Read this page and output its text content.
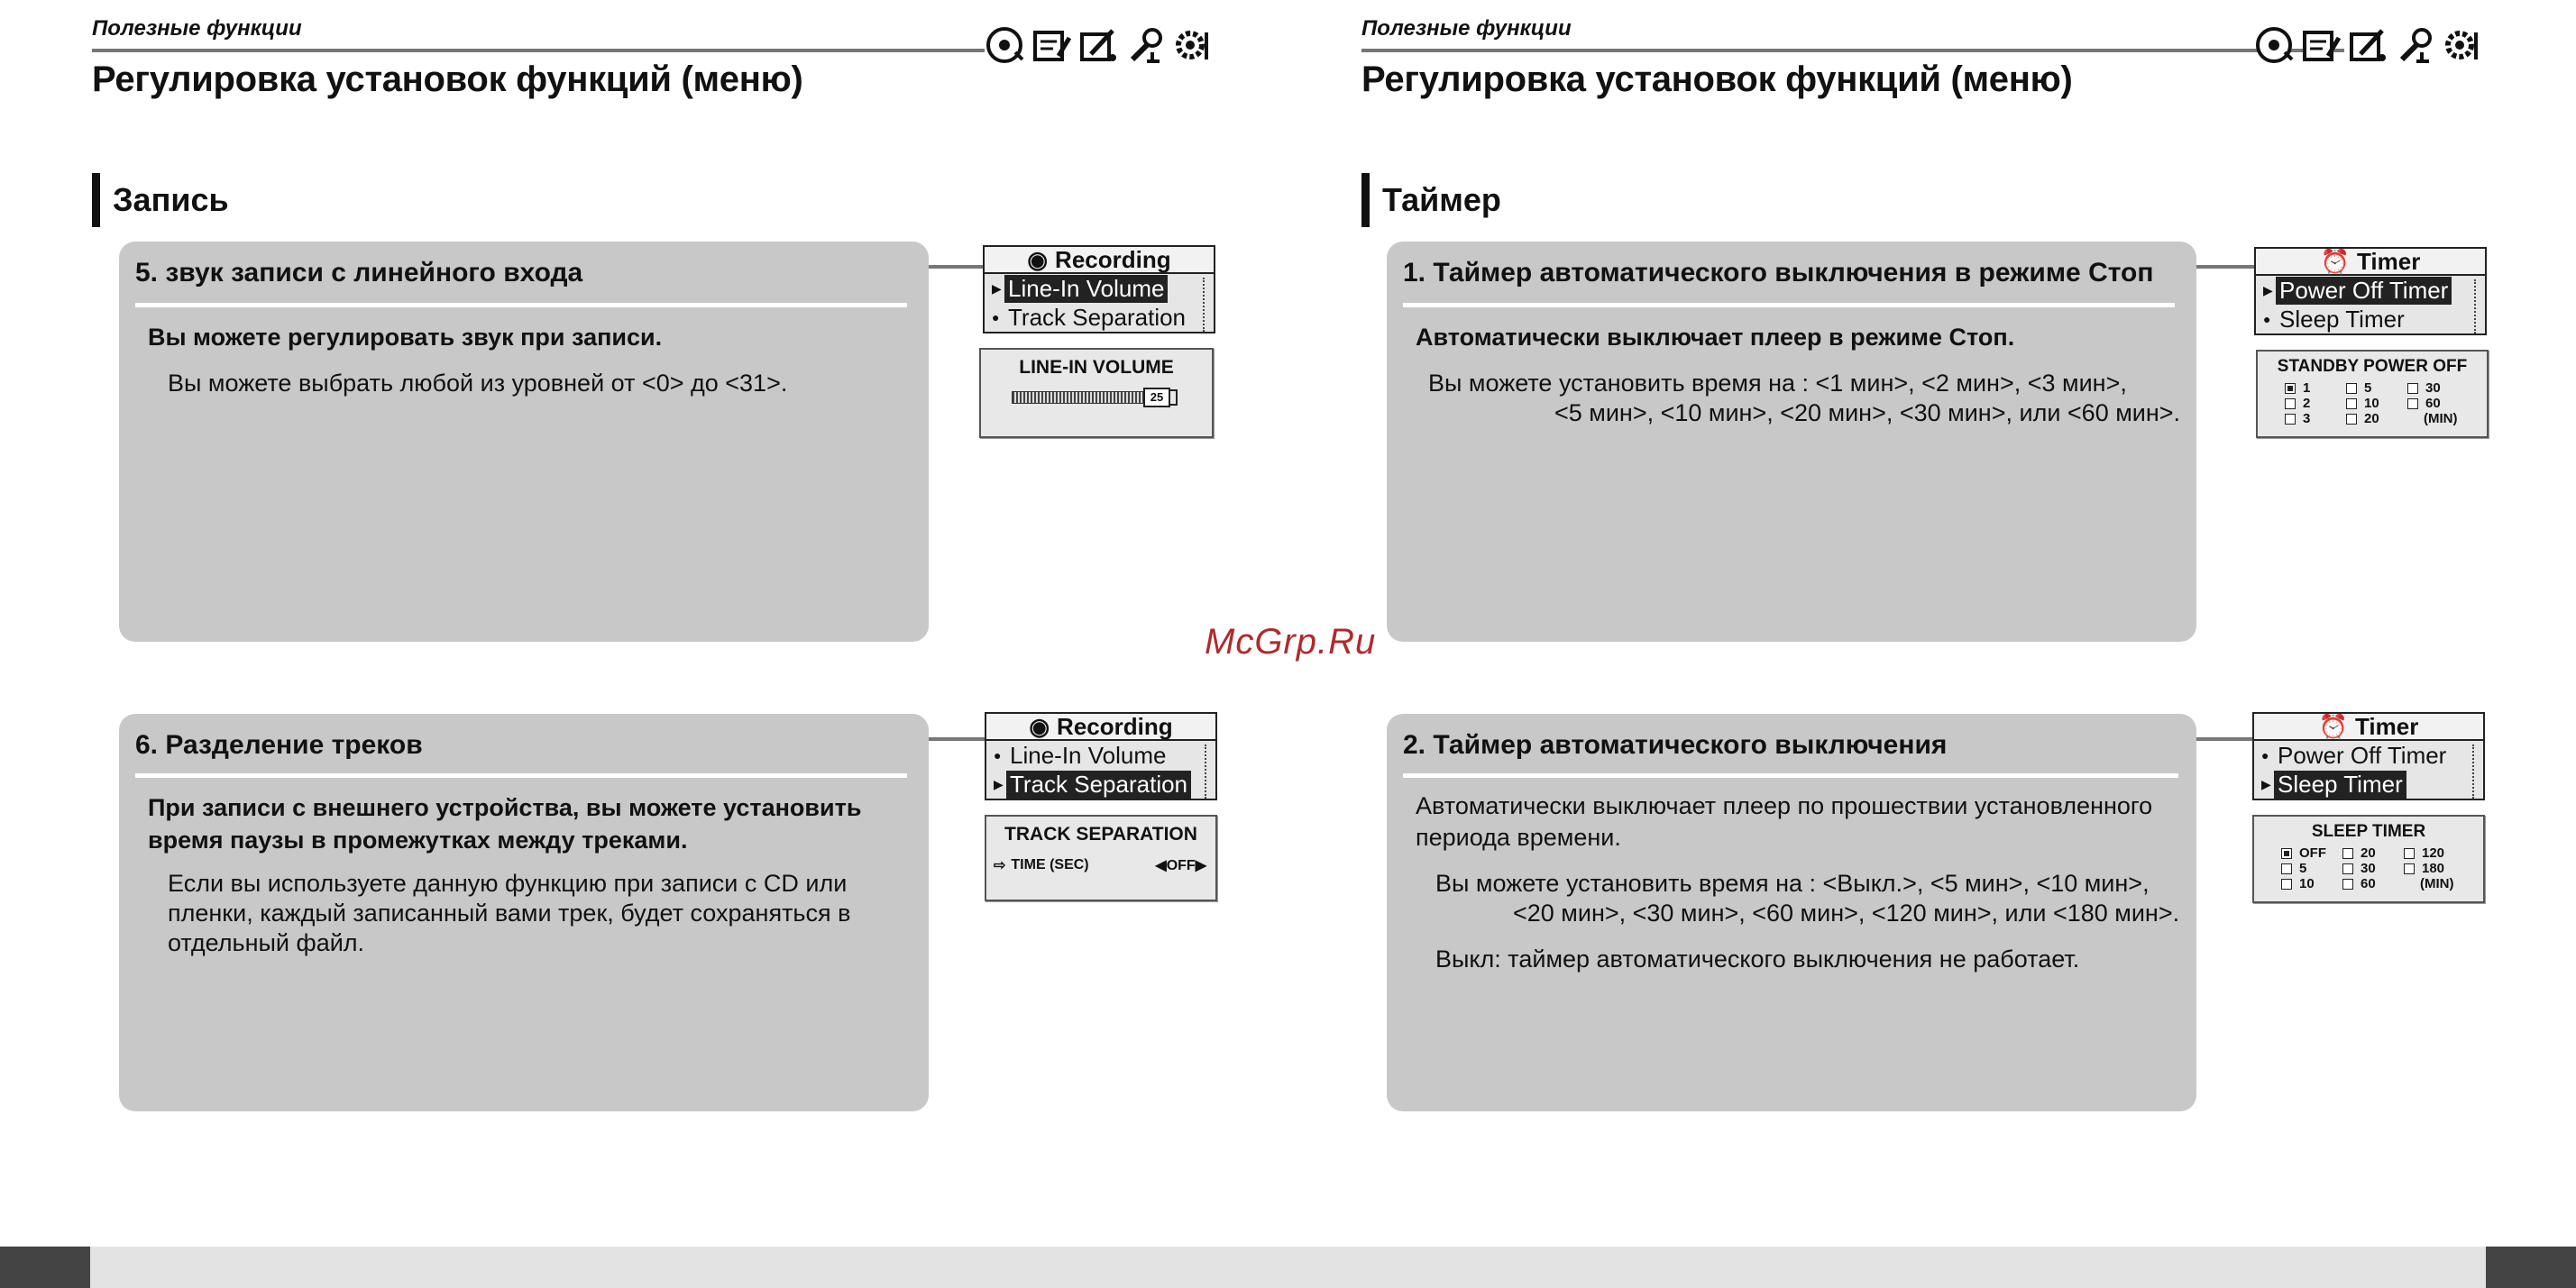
Полезные функции
Регулировка установок функций (меню)
Запись
5. звук записи с линейного входа
Вы можете регулировать звук при записи.
Вы можете выбрать любой из уровней от <0> до <31>.
◉ Recording
▶ Line-In Volume
● Track Separation
LINE-IN VOLUME
25
6. Разделение треков
При записи с внешнего устройства, вы можете установить
время паузы в промежутках между треками.
Если вы используете данную функцию при записи с CD или
пленки, каждый записанный вами трек, будет сохраняться в
отдельный файл.
◉ Recording
● Line-In Volume
▶ Track Separation
TRACK SEPARATION
⇨ TIME (SEC)	◀OFF▶
Полезные функции
Регулировка установок функций (меню)
Таймер
1. Таймер автоматического выключения в режиме Стоп
Автоматически выключает плеер в режиме Стоп.
Вы можете установить время на : <1 мин>, <2 мин>, <3 мин>,
<5 мин>, <10 мин>, <20 мин>, <30 мин>, или <60 мин>.
⏰ Timer
▶ Power Off Timer
● Sleep Timer
STANDBY POWER OFF
1	5	30
2	10	60
3	20	(MIN)
2. Таймер автоматического выключения
Автоматически выключает плеер по прошествии установленного
периода времени.
Вы можете установить время на : <Выкл.>, <5 мин>, <10 мин>,
<20 мин>, <30 мин>, <60 мин>, <120 мин>, или <180 мин>.
Выкл: таймер автоматического выключения не работает.
⏰ Timer
● Power Off Timer
▶ Sleep Timer
SLEEP TIMER
OFF	20	120
5	30	180
10	60	(MIN)
McGrp.Ru
